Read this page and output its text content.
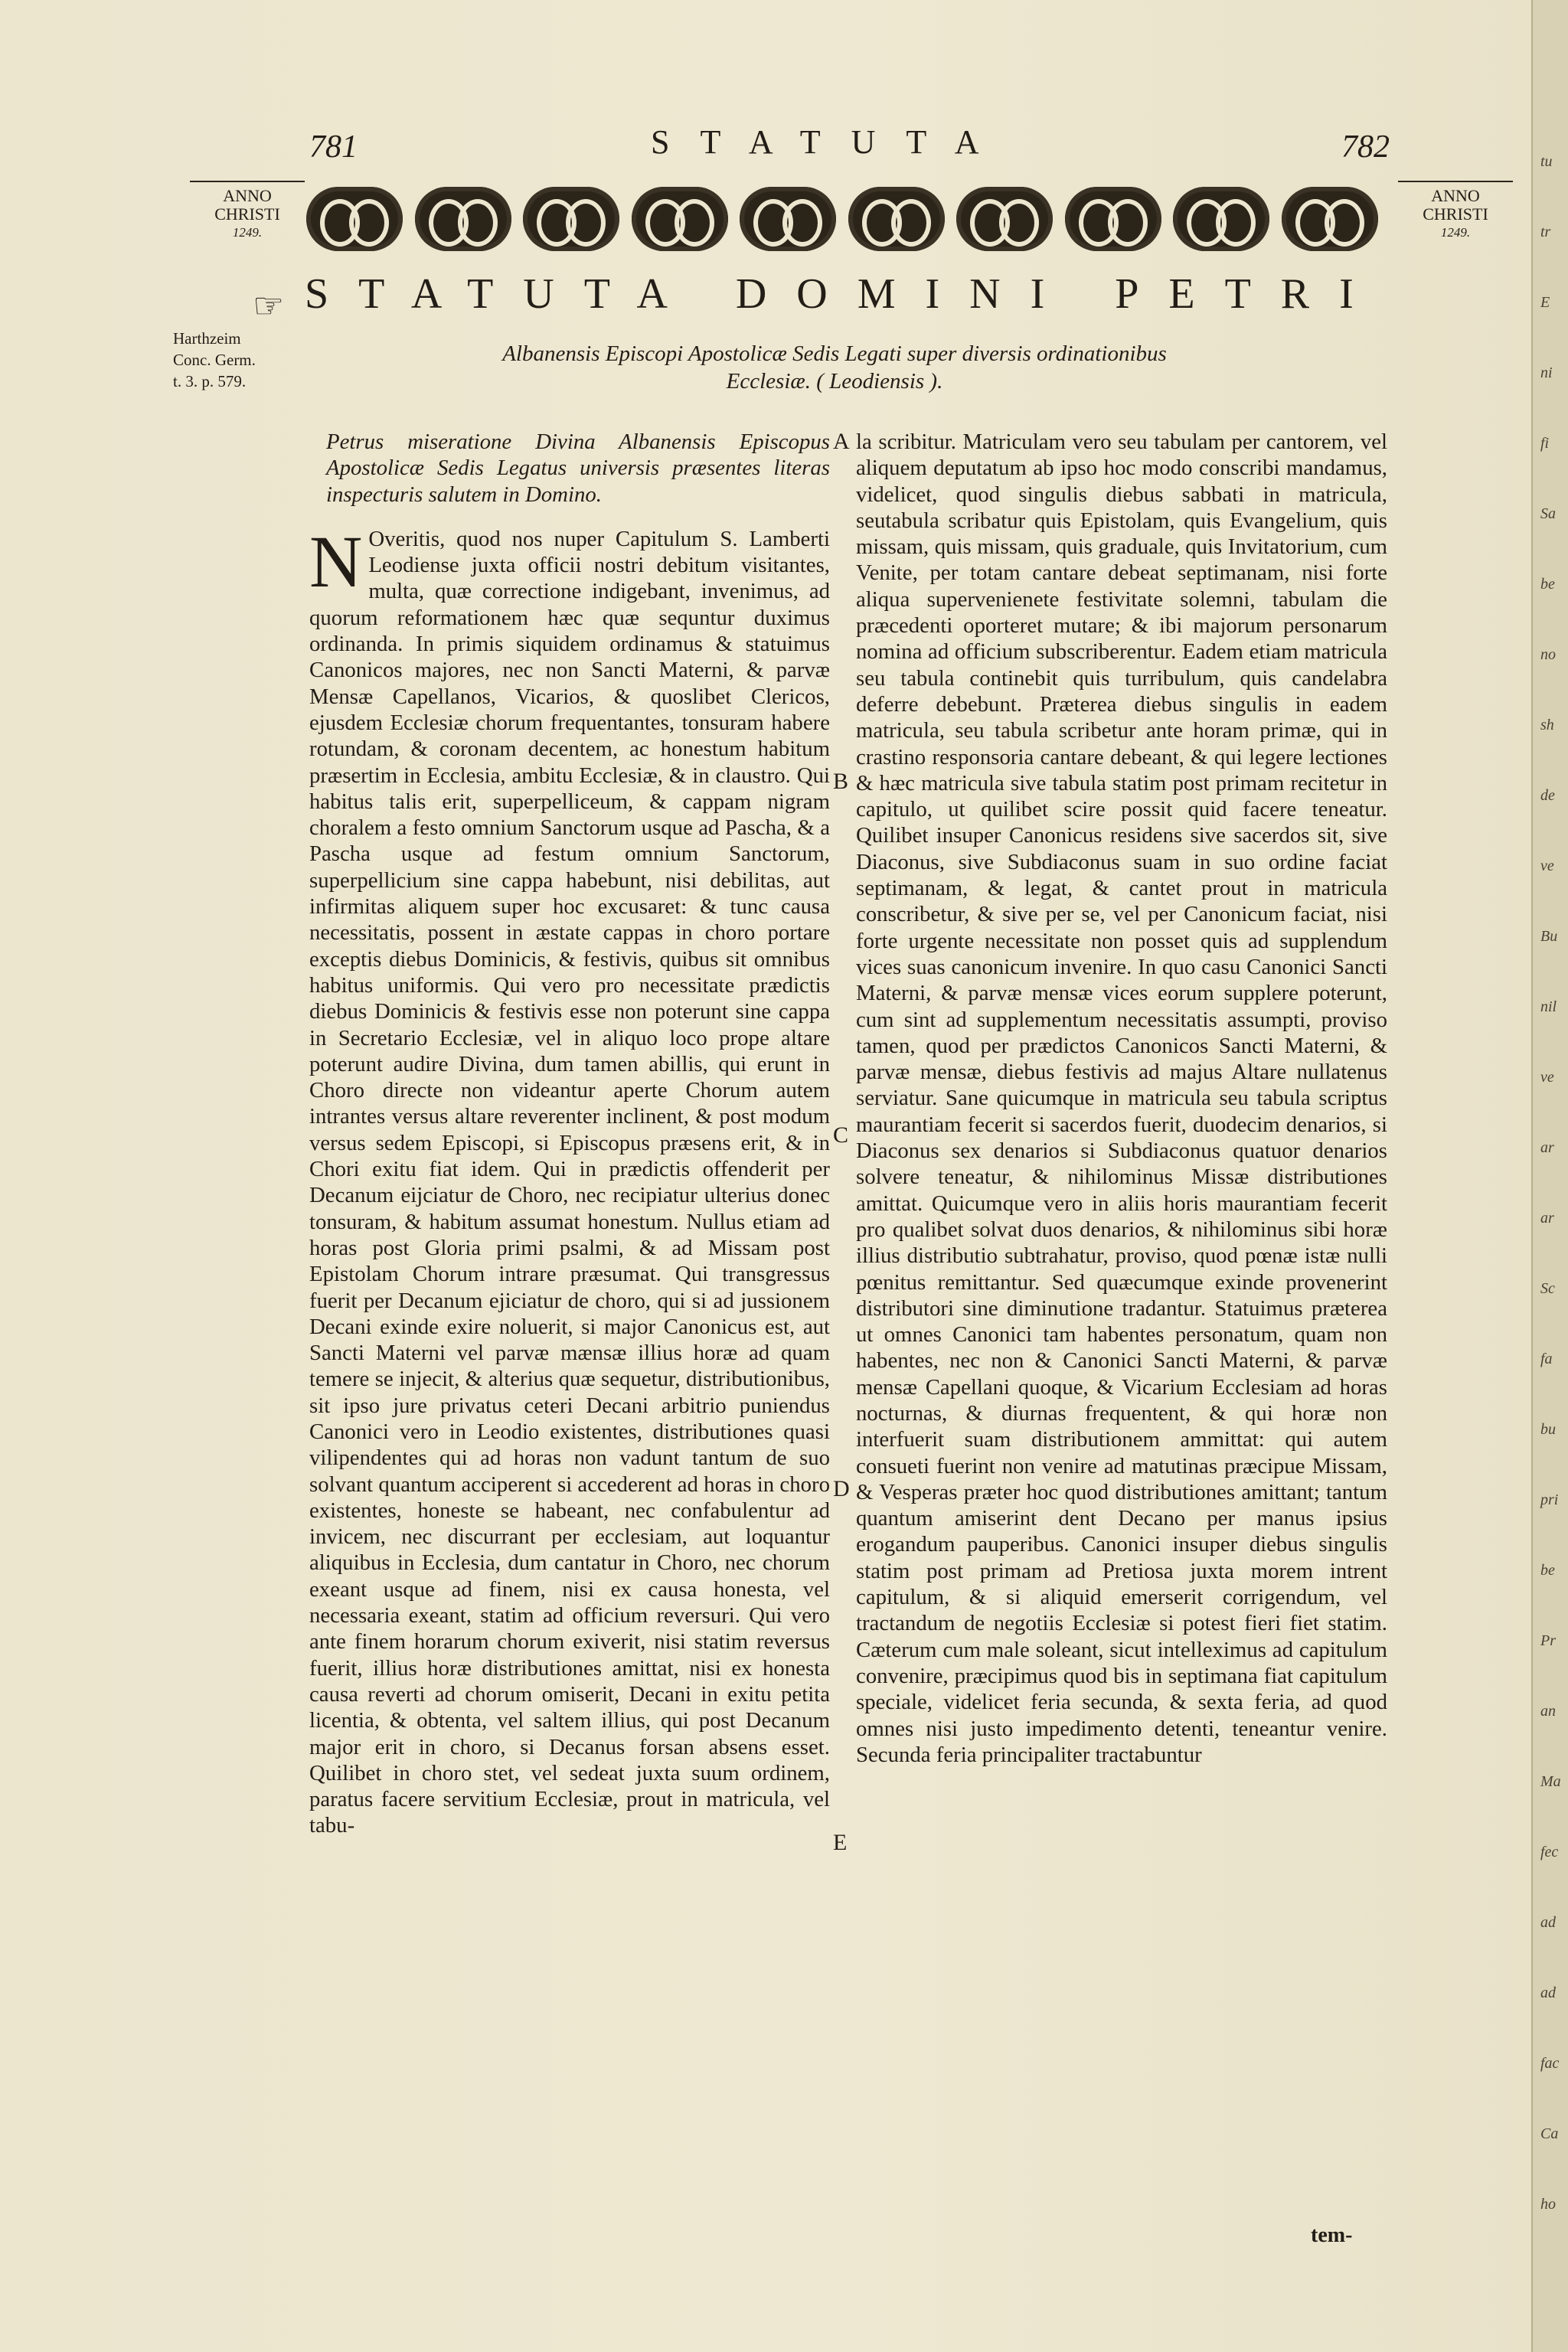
781	STATUTA	782
ANNO
CHRISTI
1249.
ANNO
CHRISTI
1249.
☞ STATUTA DOMINI PETRI
Harthzeim
Conc. Germ.
t. 3. p. 579.
Albanensis Episcopi Apostolicæ Sedis Legati super diversis ordinationibus
Ecclesiæ. ( Leodiensis ).

Petrus miseratione Divina Albanensis Episcopus Apostolicæ Sedis Legatus universis præsentes literas inspecturis salutem in Domino.

N Overitis, quod nos nuper Capitulum S. Lamberti Leodiense juxta officii nostri debitum visitantes, multa, quæ correctione indigebant, invenimus, ad quorum reformationem hæc quæ sequntur duximus ordinanda. In primis siquidem ordinamus & statuimus Canonicos majores, nec non Sancti Materni, & parvæ Mensæ Capellanos, Vicarios, & quoslibet Clericos, ejusdem Ecclesiæ chorum frequentantes, tonsuram habere rotundam, & coronam decentem, ac honestum habitum præsertim in Ecclesia, ambitu Ecclesiæ, & in claustro. Qui habitus talis erit, superpelliceum, & cappam nigram choralem a festo omnium Sanctorum usque ad Pascha, & a Pascha usque ad festum omnium Sanctorum, superpellicium sine cappa habebunt, nisi debilitas, aut infirmitas aliquem super hoc excusaret: & tunc causa necessitatis, possent in æstate cappas in choro portare exceptis diebus Dominicis, & festivis, quibus sit omnibus habitus uniformis. Qui vero pro necessitate prædictis diebus Dominicis & festivis esse non poterunt sine cappa in Secretario Ecclesiæ, vel in aliquo loco prope altare poterunt audire Divina, dum tamen abillis, qui erunt in Choro directe non videantur aperte Chorum autem intrantes versus altare reverenter inclinent, & post modum versus sedem Episcopi, si Episcopus præsens erit, & in Chori exitu fiat idem. Qui in prædictis offenderit per Decanum eijciatur de Choro, nec recipiatur ulterius donec tonsuram, & habitum assumat honestum. Nullus etiam ad horas post Gloria primi psalmi, & ad Missam post Epistolam Chorum intrare præsumat. Qui transgressus fuerit per Decanum ejiciatur de choro, qui si ad jussionem Decani exinde exire noluerit, si major Canonicus est, aut Sancti Materni vel parvæ mænsæ illius horæ ad quam temere se injecit, & alterius quæ sequetur, distributionibus, sit ipso jure privatus ceteri Decani arbitrio puniendus Canonici vero in Leodio existentes, distributiones quasi vilipendentes qui ad horas non vadunt tantum de suo solvant quantum acciperent si accederent ad horas in choro existentes, honeste se habeant, nec confabulentur ad invicem, nec discurrant per ecclesiam, aut loquantur aliquibus in Ecclesia, dum cantatur in Choro, nec chorum exeant usque ad finem, nisi ex causa honesta, vel necessaria exeant, statim ad officium reversuri. Qui vero ante finem horarum chorum exiverit, nisi statim reversus fuerit, illius horæ distributiones amittat, nisi ex honesta causa reverti ad chorum omiserit, Decani in exitu petita licentia, & obtenta, vel saltem illius, qui post Decanum major erit in choro, si Decanus forsan absens esset. Quilibet in choro stet, vel sedeat juxta suum ordinem, paratus facere servitium Ecclesiæ, prout in matricula, vel tabu-

A
B
C
D
E

la scribitur. Matriculam vero seu tabulam per cantorem, vel aliquem deputatum ab ipso hoc modo conscribi mandamus, videlicet, quod singulis diebus sabbati in matricula, seutabula scribatur quis Epistolam, quis Evangelium, quis missam, quis missam, quis graduale, quis Invitatorium, cum Venite, per totam cantare debeat septimanam, nisi forte aliqua supervenienete festivitate solemni, tabulam die præcedenti oporteret mutare; & ibi majorum personarum nomina ad officium subscriberentur. Eadem etiam matricula seu tabula continebit quis turribulum, quis candelabra deferre debebunt. Præterea diebus singulis in eadem matricula, seu tabula scribetur ante horam primæ, qui in crastino responsoria cantare debeant, & qui legere lectiones & hæc matricula sive tabula statim post primam recitetur in capitulo, ut quilibet scire possit quid facere teneatur. Quilibet insuper Canonicus residens sive sacerdos sit, sive Diaconus, sive Subdiaconus suam in suo ordine faciat septimanam, & legat, & cantet prout in matricula conscribetur, & sive per se, vel per Canonicum faciat, nisi forte urgente necessitate non posset quis ad supplendum vices suas canonicum invenire. In quo casu Canonici Sancti Materni, & parvæ mensæ vices eorum supplere poterunt, cum sint ad supplementum necessitatis assumpti, proviso tamen, quod per prædictos Canonicos Sancti Materni, & parvæ mensæ, diebus festivis ad majus Altare nullatenus serviatur. Sane quicumque in matricula seu tabula scriptus maurantiam fecerit si sacerdos fuerit, duodecim denarios, si Diaconus sex denarios si Subdiaconus quatuor denarios solvere teneatur, & nihilominus Missæ distributiones amittat. Quicumque vero in aliis horis maurantiam fecerit pro qualibet solvat duos denarios, & nihilominus sibi horæ illius distributio subtrahatur, proviso, quod pœnæ istæ nulli pœnitus remittantur. Sed quæcumque exinde provenerint distributori sine diminutione tradantur. Statuimus præterea ut omnes Canonici tam habentes personatum, quam non habentes, nec non & Canonici Sancti Materni, & parvæ mensæ Capellani quoque, & Vicarium Ecclesiam ad horas nocturnas, & diurnas frequentent, & qui horæ non interfuerit suam distributionem ammittat: qui autem consueti fuerint non venire ad matutinas præcipue Missam, & Vesperas præter hoc quod distributiones amittant; tantum quantum amiserint dent Decano per manus ipsius erogandum pauperibus. Canonici insuper diebus singulis statim post primam ad Pretiosa juxta morem intrent capitulum, & si aliquid emerserit corrigendum, vel tractandum de negotiis Ecclesiæ si potest fieri fiet statim. Cæterum cum male soleant, sicut intelleximus ad capitulum convenire, præcipimus quod bis in septimana fiat capitulum speciale, videlicet feria secunda, & sexta feria, ad quod omnes nisi justo impedimento detenti, teneantur venire. Secunda feria principaliter tractabuntur

tem-
tu
tr
E
ni
fi
Sa
be
no
sh
de
ve
Bu
nil
ve
ar
ar
Sc
fa
bu
pri
be
Pr
an
Ma
fec
ad
ad
fac
Ca
ho
